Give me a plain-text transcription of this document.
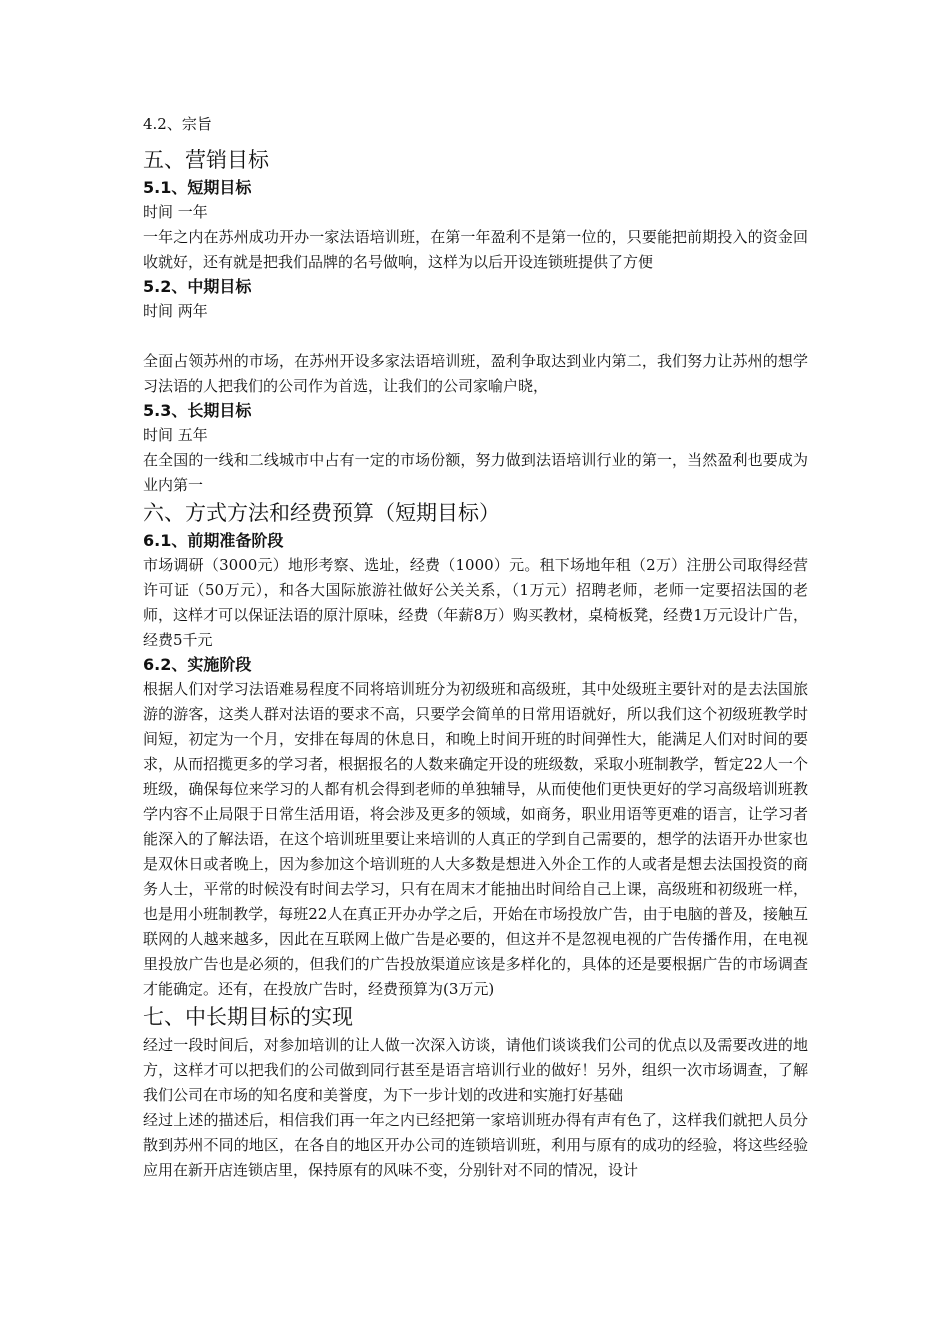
4.2、宗旨

五、营销目标
5.1、短期目标

时间 一年

一年之内在苏州成功开办一家法语培训班，在第一年盈利不是第一位的，只要能把前期投入的资金回收就好，还有就是把我们品牌的名号做响，这样为以后开设连锁班提供了方便

5.2、中期目标

时间 两年

全面占领苏州的市场，在苏州开设多家法语培训班，盈利争取达到业内第二，我们努力让苏州的想学习法语的人把我们的公司作为首选，让我们的公司家喻户晓，

5.3、长期目标

时间 五年

在全国的一线和二线城市中占有一定的市场份额，努力做到法语培训行业的第一，当然盈利也要成为业内第一

六、方式方法和经费预算（短期目标）
6.1、前期准备阶段

市场调研（3000元）地形考察、选址，经费（1000）元。租下场地年租（2万）注册公司取得经营许可证（50万元），和各大国际旅游社做好公关关系，（1万元）招聘老师，老师一定要招法国的老师，这样才可以保证法语的原汁原味，经费（年薪8万）购买教材，桌椅板凳，经费1万元设计广告，经费5千元

6.2、实施阶段

根据人们对学习法语难易程度不同将培训班分为初级班和高级班，其中处级班主要针对的是去法国旅游的游客，这类人群对法语的要求不高，只要学会简单的日常用语就好，所以我们这个初级班教学时间短，初定为一个月，安排在每周的休息日，和晚上时间开班的时间弹性大，能满足人们对时间的要求，从而招揽更多的学习者，根据报名的人数来确定开设的班级数，采取小班制教学，暂定22人一个班级，确保每位来学习的人都有机会得到老师的单独辅导，从而使他们更快更好的学习高级培训班教学内容不止局限于日常生活用语，将会涉及更多的领域，如商务，职业用语等更难的语言，让学习者能深入的了解法语，在这个培训班里要让来培训的人真正的学到自己需要的，想学的法语开办世家也是双休日或者晚上，因为参加这个培训班的人大多数是想进入外企工作的人或者是想去法国投资的商务人士，平常的时候没有时间去学习，只有在周末才能抽出时间给自己上课，高级班和初级班一样，也是用小班制教学，每班22人在真正开办办学之后，开始在市场投放广告，由于电脑的普及，接触互联网的人越来越多，因此在互联网上做广告是必要的，但这并不是忽视电视的广告传播作用，在电视里投放广告也是必须的，但我们的广告投放渠道应该是多样化的，具体的还是要根据广告的市场调查才能确定。还有，在投放广告时，经费预算为(3万元)

七、中长期目标的实现

经过一段时间后，对参加培训的让人做一次深入访谈，请他们谈谈我们公司的优点以及需要改进的地方，这样才可以把我们的公司做到同行甚至是语言培训行业的做好！另外，组织一次市场调查，了解我们公司在市场的知名度和美誉度，为下一步计划的改进和实施打好基础

经过上述的描述后，相信我们再一年之内已经把第一家培训班办得有声有色了，这样我们就把人员分散到苏州不同的地区，在各自的地区开办公司的连锁培训班，利用与原有的成功的经验，将这些经验应用在新开店连锁店里，保持原有的风味不变，分别针对不同的情况，设计
